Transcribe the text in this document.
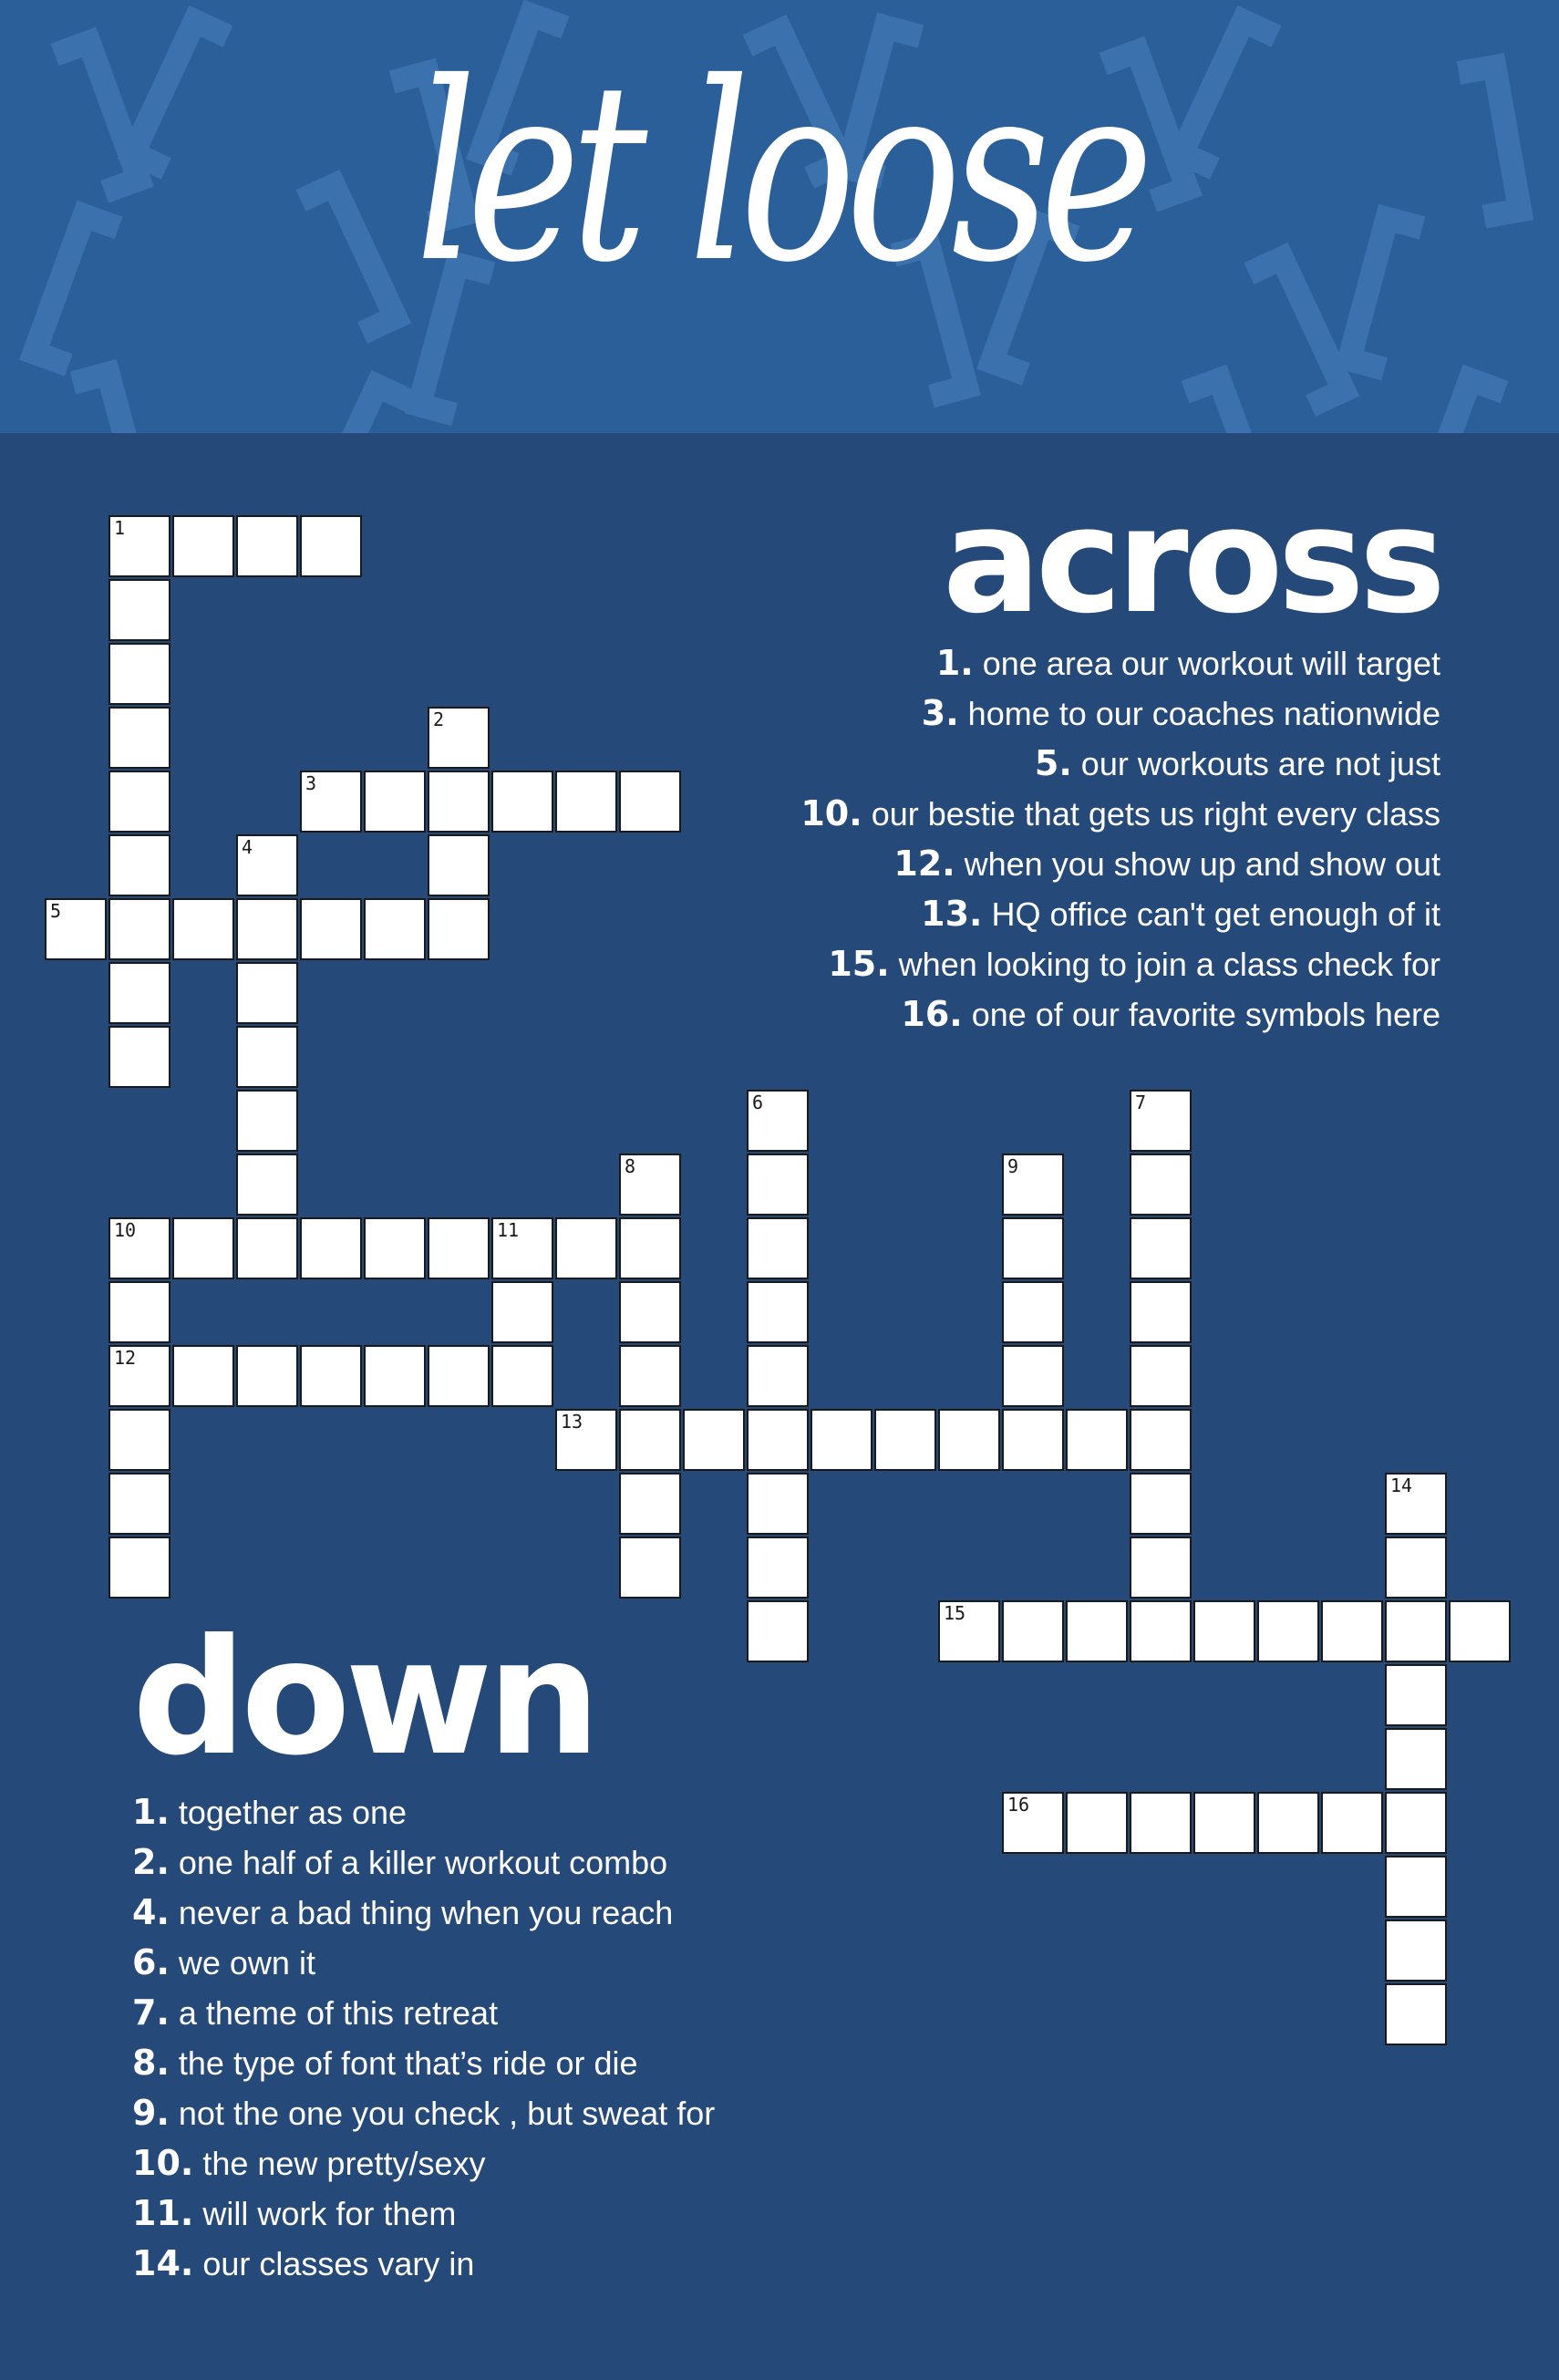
let loose
1
2
3
4
5
6	7
8	9
10	11
12
13
14
15
16
across
1. one area our workout will target
3. home to our coaches nationwide
5. our workouts are not just
10. our bestie that gets us right every class
12. when you show up and show out
13. HQ office can't get enough of it
15. when looking to join a class check for
16. one of our favorite symbols here
down
1. together as one
2. one half of a killer workout combo
4. never a bad thing when you reach
6. we own it
7. a theme of this retreat
8. the type of font that’s ride or die
9. not the one you check , but sweat for
10. the new pretty/sexy
11. will work for them
14. our classes vary in
